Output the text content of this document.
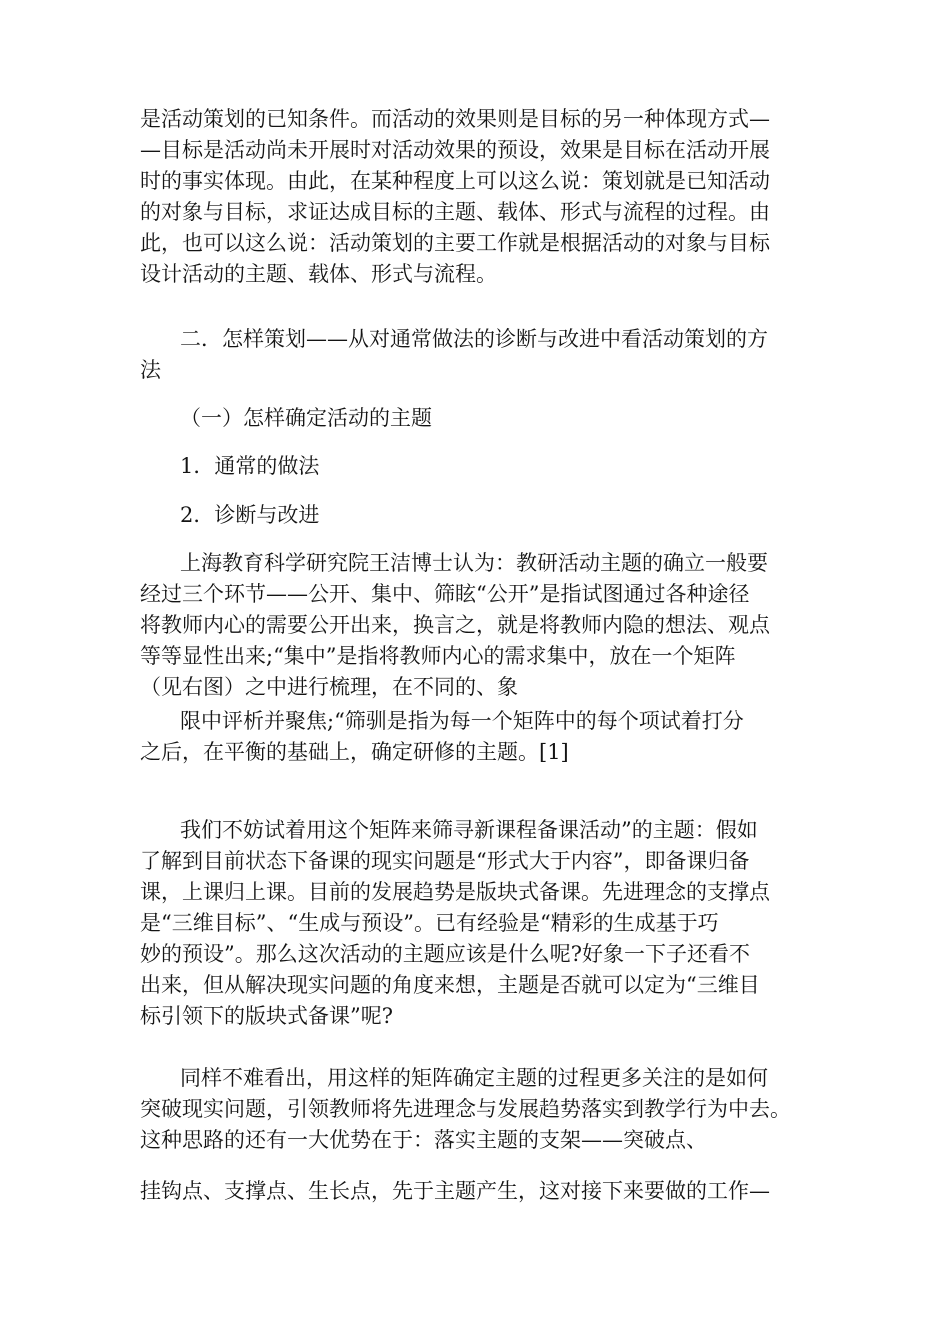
是活动策划的已知条件。而活动的效果则是目标的另一种体现方式—
—目标是活动尚未开展时对活动效果的预设，效果是目标在活动开展
时的事实体现。由此，在某种程度上可以这么说：策划就是已知活动
的对象与目标，求证达成目标的主题、载体、形式与流程的过程。由
此，也可以这么说：活动策划的主要工作就是根据活动的对象与目标
设计活动的主题、载体、形式与流程。
二．怎样策划——从对通常做法的诊断与改进中看活动策划的方
法
（一）怎样确定活动的主题
1．通常的做法
2．诊断与改进
上海教育科学研究院王洁博士认为：教研活动主题的确立一般要
经过三个环节——公开、集中、筛眩“公开”是指试图通过各种途径
将教师内心的需要公开出来，换言之，就是将教师内隐的想法、观点
等等显性出来;“集中”是指将教师内心的需求集中，放在一个矩阵
（见右图）之中进行梳理，在不同的、象
限中评析并聚焦;“筛驯是指为每一个矩阵中的每个项试着打分
之后，在平衡的基础上，确定研修的主题。[1]
我们不妨试着用这个矩阵来筛寻新课程备课活动”的主题：假如
了解到目前状态下备课的现实问题是“形式大于内容”，即备课归备
课，上课归上课。目前的发展趋势是版块式备课。先进理念的支撑点
是“三维目标”、“生成与预设”。已有经验是“精彩的生成基于巧
妙的预设”。那么这次活动的主题应该是什么呢?好象一下子还看不
出来，但从解决现实问题的角度来想，主题是否就可以定为“三维目
标引领下的版块式备课”呢?
同样不难看出，用这样的矩阵确定主题的过程更多关注的是如何
突破现实问题，引领教师将先进理念与发展趋势落实到教学行为中去。
这种思路的还有一大优势在于：落实主题的支架——突破点、
挂钩点、支撑点、生长点，先于主题产生，这对接下来要做的工作—
